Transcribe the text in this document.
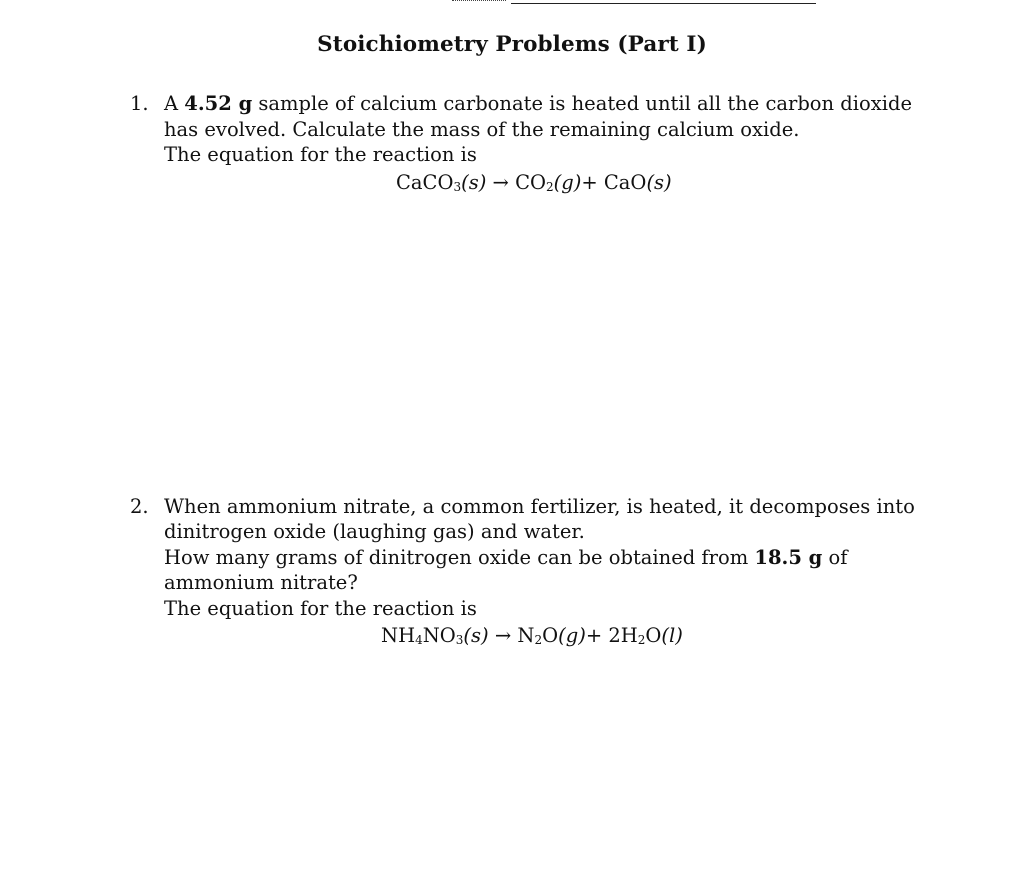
Stoichiometry Problems (Part I)
1. A 4.52 g sample of calcium carbonate is heated until all the carbon dioxide
has evolved. Calculate the mass of the remaining calcium oxide.
The equation for the reaction is
CaCO$_3$(s) → $CO_2(g)+ CaO(s)$
2. When ammonium nitrate, a common fertilizer, is heated, it decomposes into
dinitrogen oxide (laughing gas) and water.
How many grams of dinitrogen oxide can be obtained from 18.5 g of
ammonium nitrate?
The equation for the reaction is
$NH_4NO_3(s) \to N_2O(g)+ 2H_2O(l)$
